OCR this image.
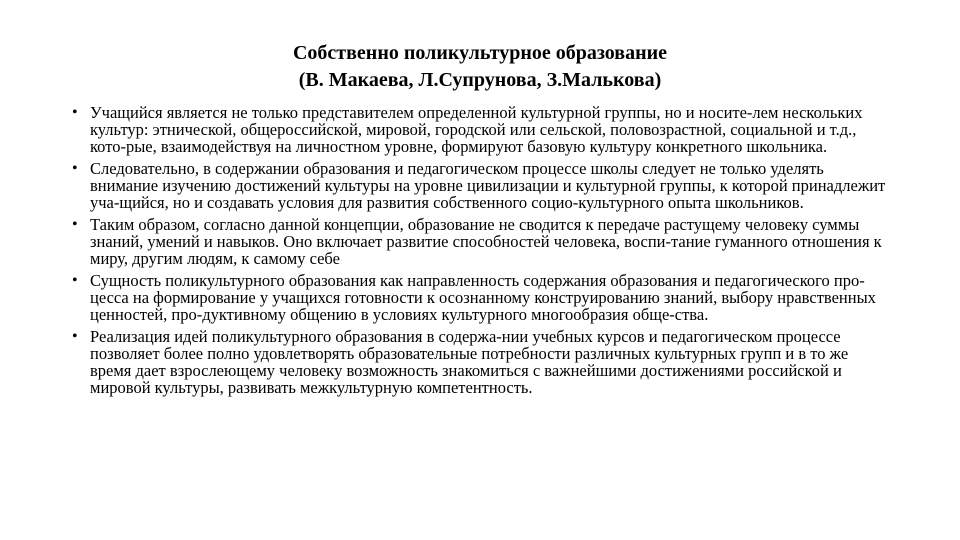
Собственно поликультурное образование
(В. Макаева, Л.Супрунова, З.Малькова)
• Учащийся является не только представителем определенной культурной группы, но и носите-лем нескольких культур: этнической, общероссийской, мировой, городской или сельской, половозрастной, социальной и т.д., кото-рые, взаимодействуя на личностном уровне, формируют базовую культуру конкретного школьника.
• Следовательно, в содержании образования и педагогическом процессе школы следует не только уделять внимание изучению достижений культуры на уровне цивилизации и культурной группы, к которой принадлежит уча-щийся, но и создавать условия для развития собственного социо-культурного опыта школьников.
• Таким образом, согласно данной концепции, образование не сводится к передаче растущему человеку суммы знаний, умений и навыков. Оно включает развитие способностей человека, воспи-тание гуманного отношения к миру, другим людям, к самому себе
• Сущность поликультурного образования как направленность содержания образования и педагогического про-цесса на формирование у учащихся готовности к осознанному конструированию знаний, выбору нравственных ценностей, про-дуктивному общению в условиях культурного многообразия обще-ства.
• Реализация идей поликультурного образования в содержа-нии учебных курсов и педагогическом процессе позволяет более полно удовлетворять образовательные потребности различных культурных групп и в то же время дает взрослеющему человеку возможность знакомиться с важнейшими достижениями российской и мировой культуры, развивать межкультурную компетентность.
